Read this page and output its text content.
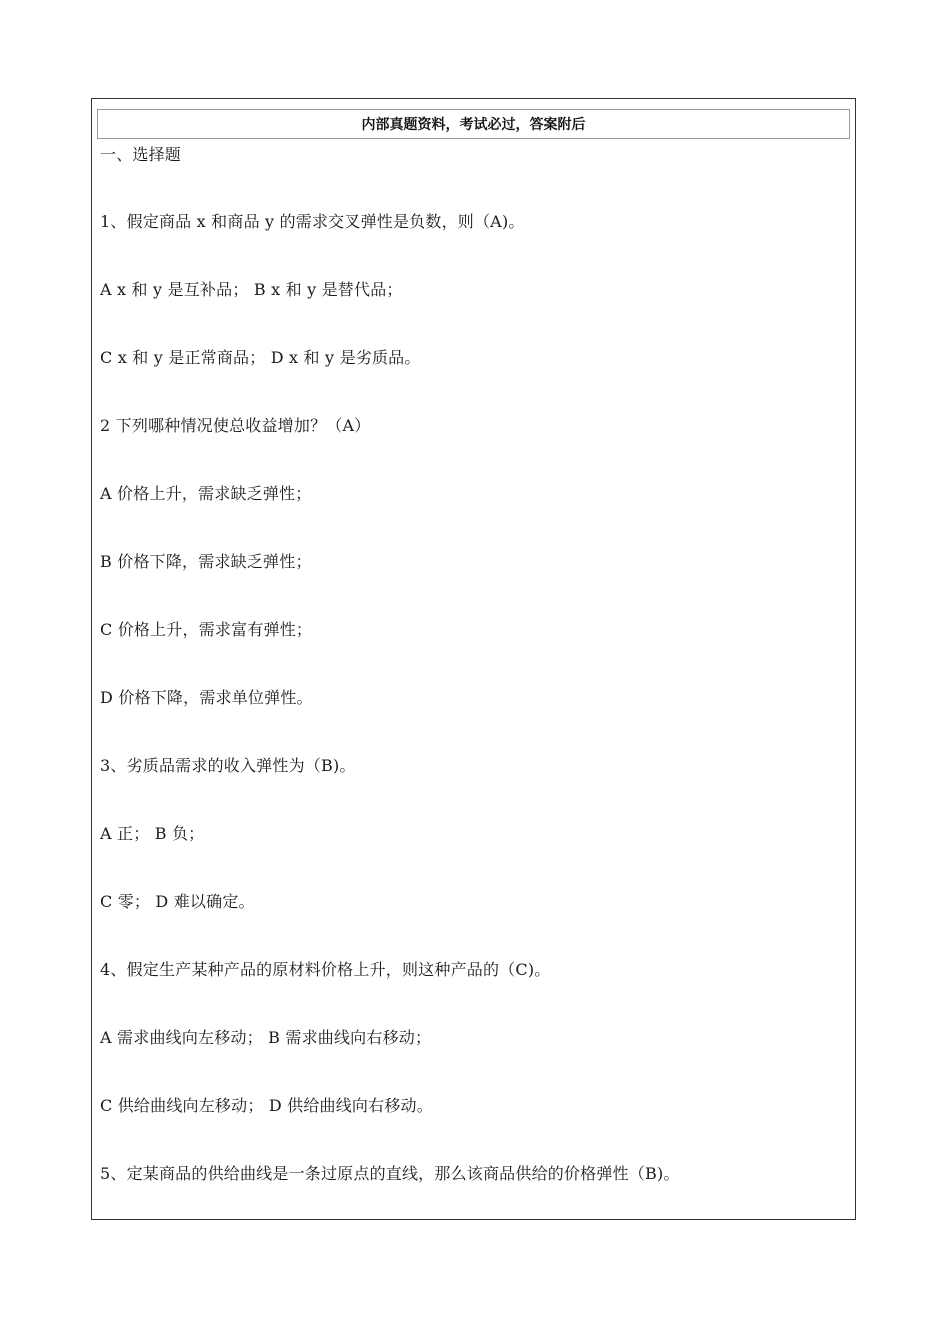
内部真题资料，考试必过，答案附后
一、选择题
1、假定商品 x 和商品 y 的需求交叉弹性是负数，则（A)。
A x 和 y 是互补品； B x 和 y 是替代品；
C x 和 y 是正常商品； D x 和 y 是劣质品。
2 下列哪种情况使总收益增加？（A）
A 价格上升，需求缺乏弹性；
B 价格下降，需求缺乏弹性；
C 价格上升，需求富有弹性；
D 价格下降，需求单位弹性。
3、劣质品需求的收入弹性为（B)。
A 正； B 负；
C 零； D 难以确定。
4、假定生产某种产品的原材料价格上升，则这种产品的（C)。
A 需求曲线向左移动； B 需求曲线向右移动；
C 供给曲线向左移动； D 供给曲线向右移动。
5、定某商品的供给曲线是一条过原点的直线，那么该商品供给的价格弹性（B)。
